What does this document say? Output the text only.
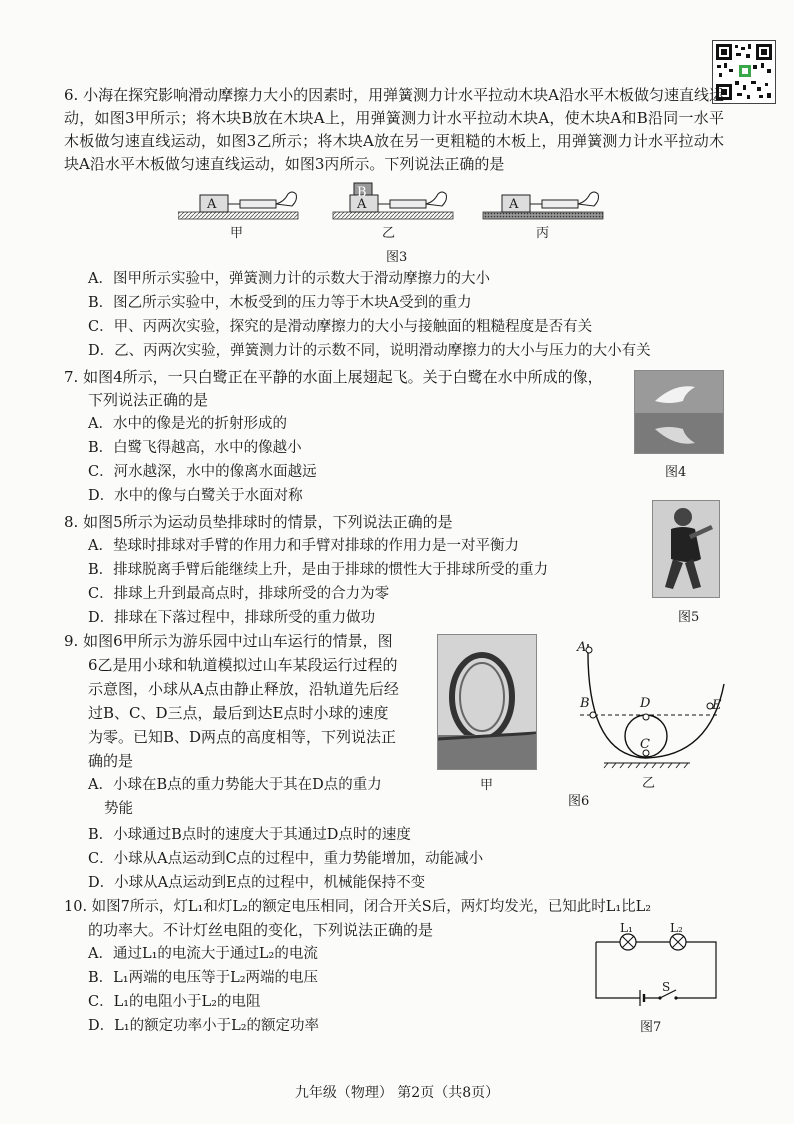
6. 小海在探究影响滑动摩擦力大小的因素时，用弹簧测力计水平拉动木块A沿水平木板做匀速直线运动，如图3甲所示；将木块B放在木块A上，用弹簧测力计水平拉动木块A，使木块A和B沿同一水平木板做匀速直线运动，如图3乙所示；将木块A放在另一更粗糙的木板上，用弹簧测力计水平拉动木块A沿水平木板做匀速直线运动，如图3丙所示。下列说法正确的是
A	A
B
A
甲	乙	丙
图3
A．图甲所示实验中，弹簧测力计的示数大于滑动摩擦力的大小
B．图乙所示实验中，木板受到的压力等于木块A受到的重力
C．甲、丙两次实验，探究的是滑动摩擦力的大小与接触面的粗糙程度是否有关
D．乙、丙两次实验，弹簧测力计的示数不同，说明滑动摩擦力的大小与压力的大小有关
7. 如图4所示，一只白鹭正在平静的水面上展翅起飞。关于白鹭在水中所成的像，
下列说法正确的是
A．水中的像是光的折射形成的
B．白鹭飞得越高，水中的像越小
C．河水越深，水中的像离水面越远
D．水中的像与白鹭关于水面对称
图4
8. 如图5所示为运动员垫排球时的情景，下列说法正确的是
A．垫球时排球对手臂的作用力和手臂对排球的作用力是一对平衡力
B．排球脱离手臂后能继续上升，是由于排球的惯性大于排球所受的重力
C．排球上升到最高点时，排球所受的合力为零
D．排球在下落过程中，排球所受的重力做功	图5
9. 如图6甲所示为游乐园中过山车运行的情景，图
6乙是用小球和轨道模拟过山车某段运行过程的
示意图，小球从A点由静止释放，沿轨道先后经
过B、C、D三点，最后到达E点时小球的速度
为零。已知B、D两点的高度相等，下列说法正
确的是
A．小球在B点的重力势能大于其在D点的重力
势能
B．小球通过B点时的速度大于其通过D点时的速度
C．小球从A点运动到C点的过程中，重力势能增加，动能减小
D．小球从A点运动到E点的过程中，机械能保持不变
甲
A
B
C
D	E
乙
图6
10. 如图7所示，灯L₁和灯L₂的额定电压相同，闭合开关S后，两灯均发光，已知此时L₁比L₂
的功率大。不计灯丝电阻的变化，下列说法正确的是
A．通过L₁的电流大于通过L₂的电流
B．L₁两端的电压等于L₂两端的电压
C．L₁的电阻小于L₂的电阻
D．L₁的额定功率小于L₂的额定功率
L₁	L₂
S
图7
九年级（物理） 第2页（共8页）
